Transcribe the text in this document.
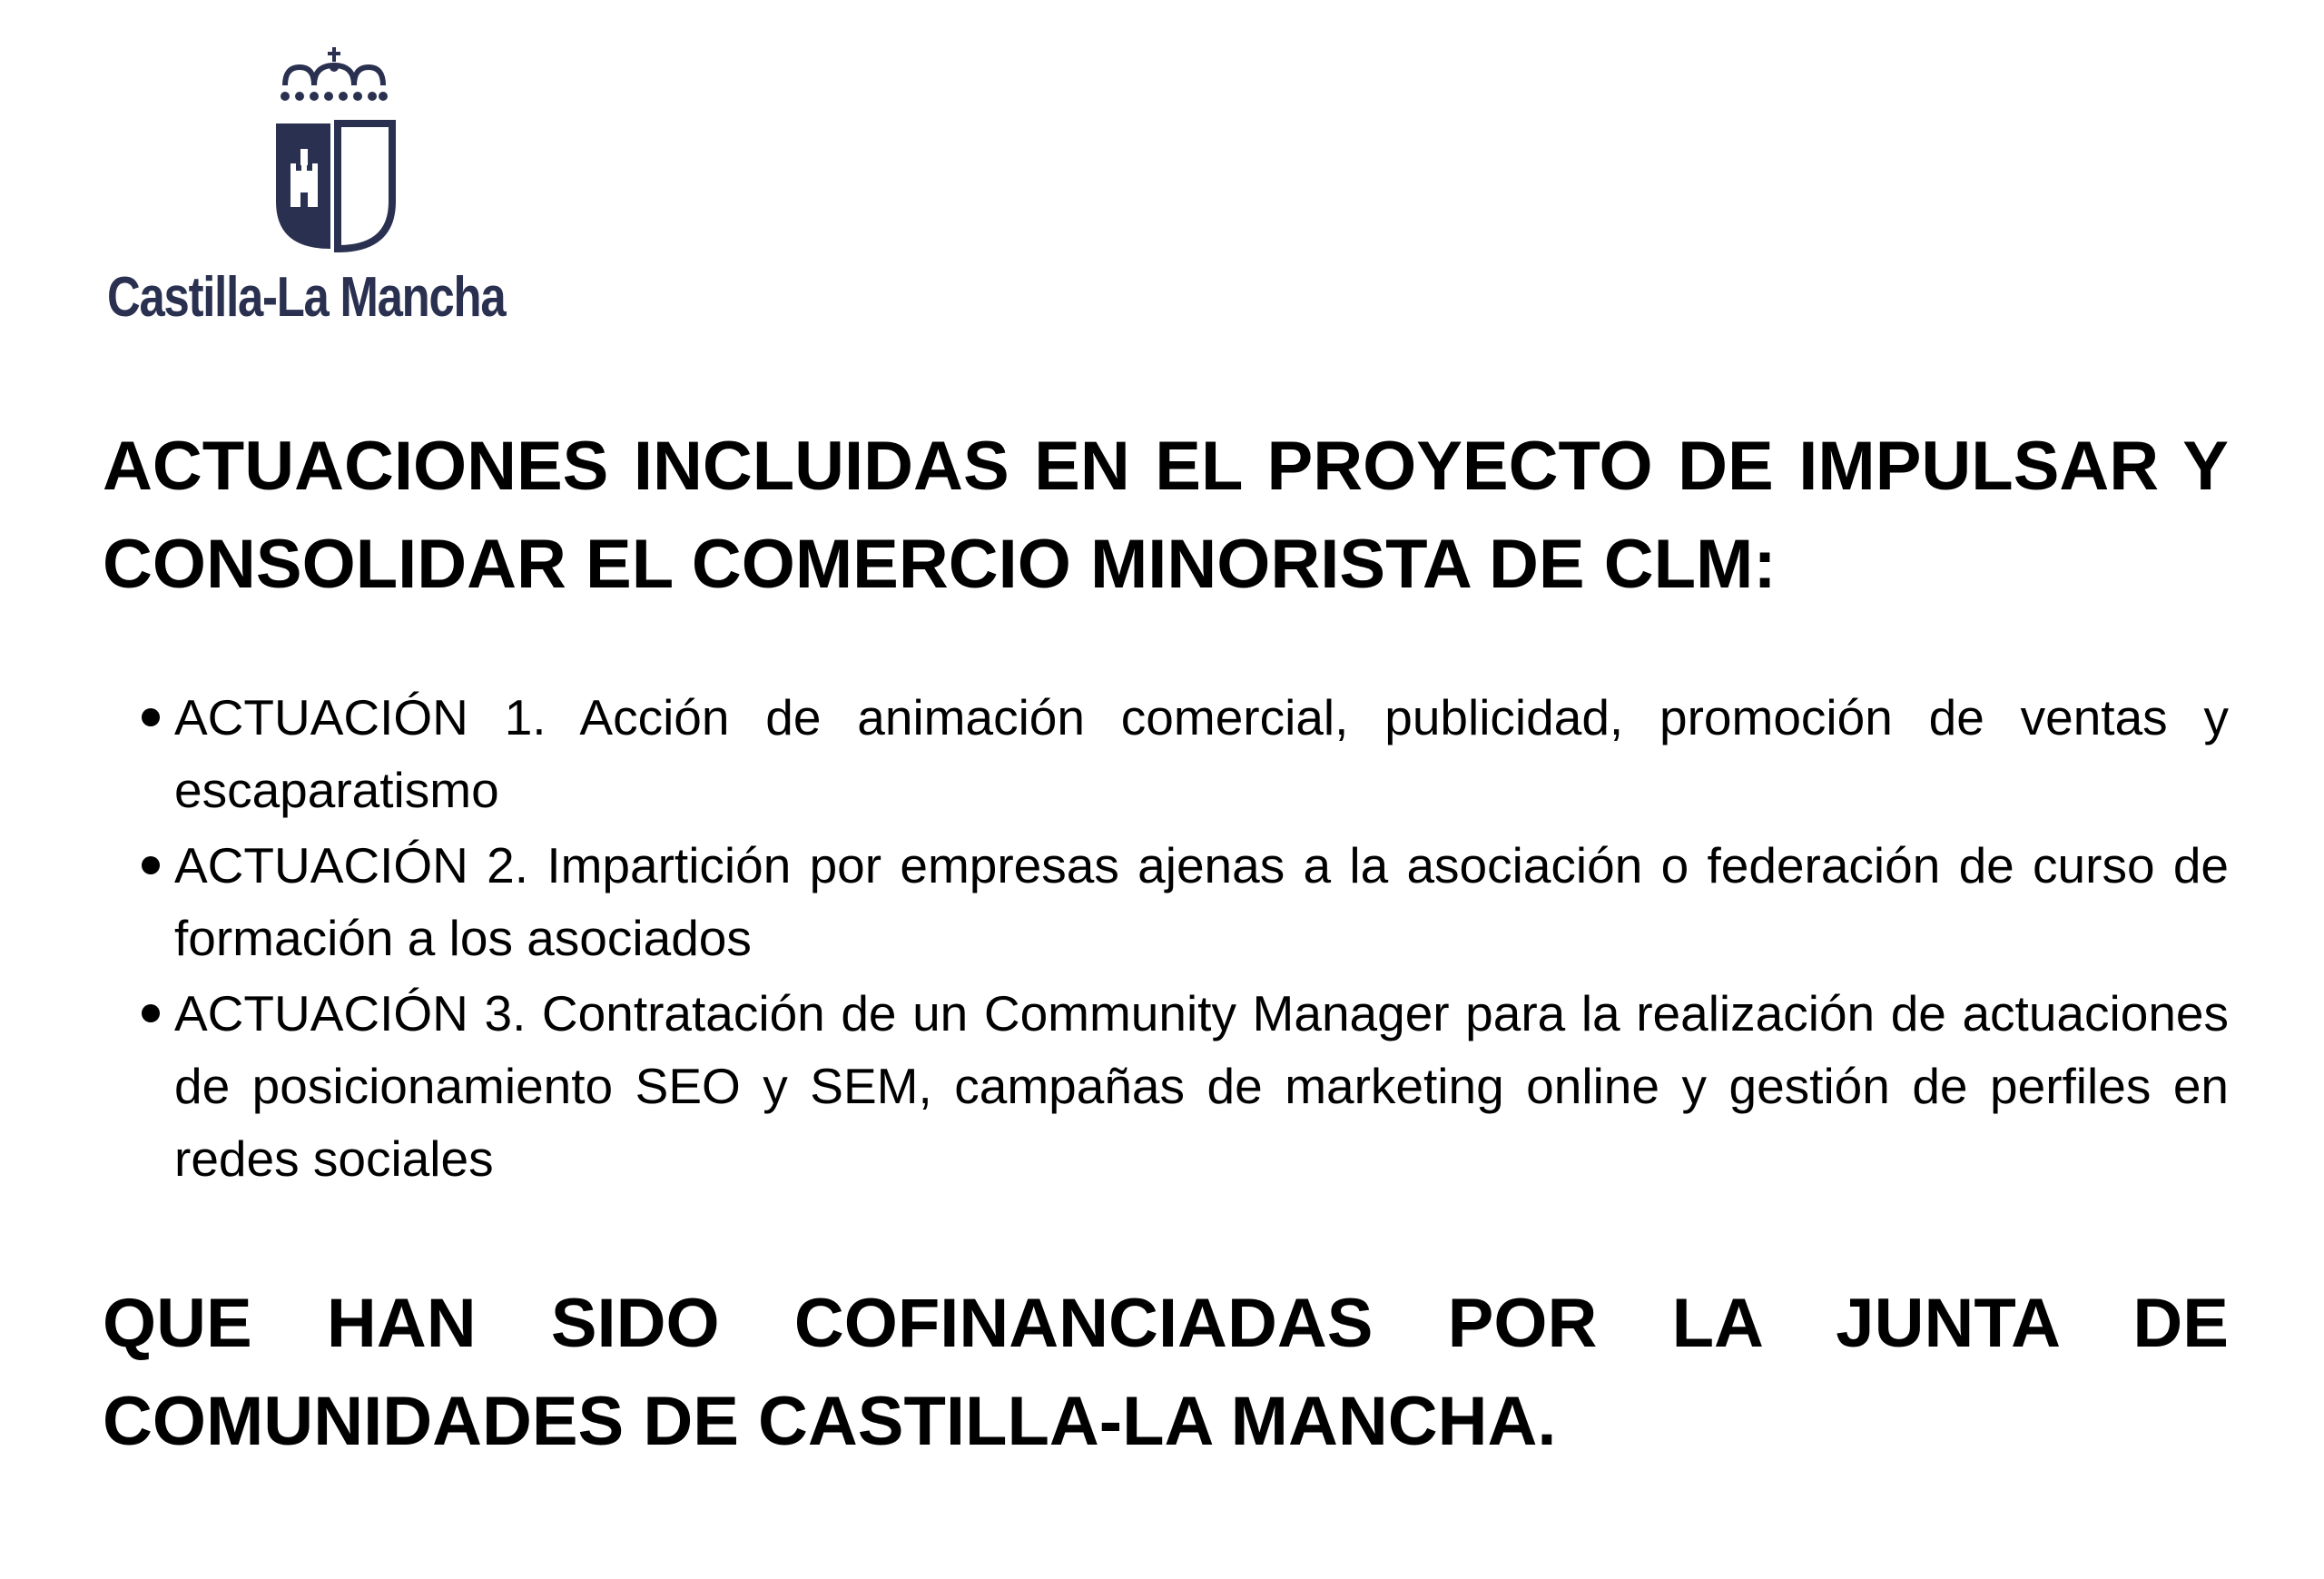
Castilla-La Mancha

ACTUACIONES INCLUIDAS EN EL PROYECTO DE IMPULSAR Y CONSOLIDAR EL COMERCIO MINORISTA DE CLM:

ACTUACIÓN 1. Acción de animación comercial, publicidad, promoción de ventas y escaparatismo
ACTUACIÓN 2. Impartición por empresas ajenas a la asociación o federación de curso de formación a los asociados
ACTUACIÓN 3. Contratación de un Community Manager para la realización de actuaciones de posicionamiento SEO y SEM, campañas de marketing online y gestión de perfiles en redes sociales

QUE HAN SIDO COFINANCIADAS POR LA JUNTA DE COMUNIDADES DE CASTILLA-LA MANCHA.
